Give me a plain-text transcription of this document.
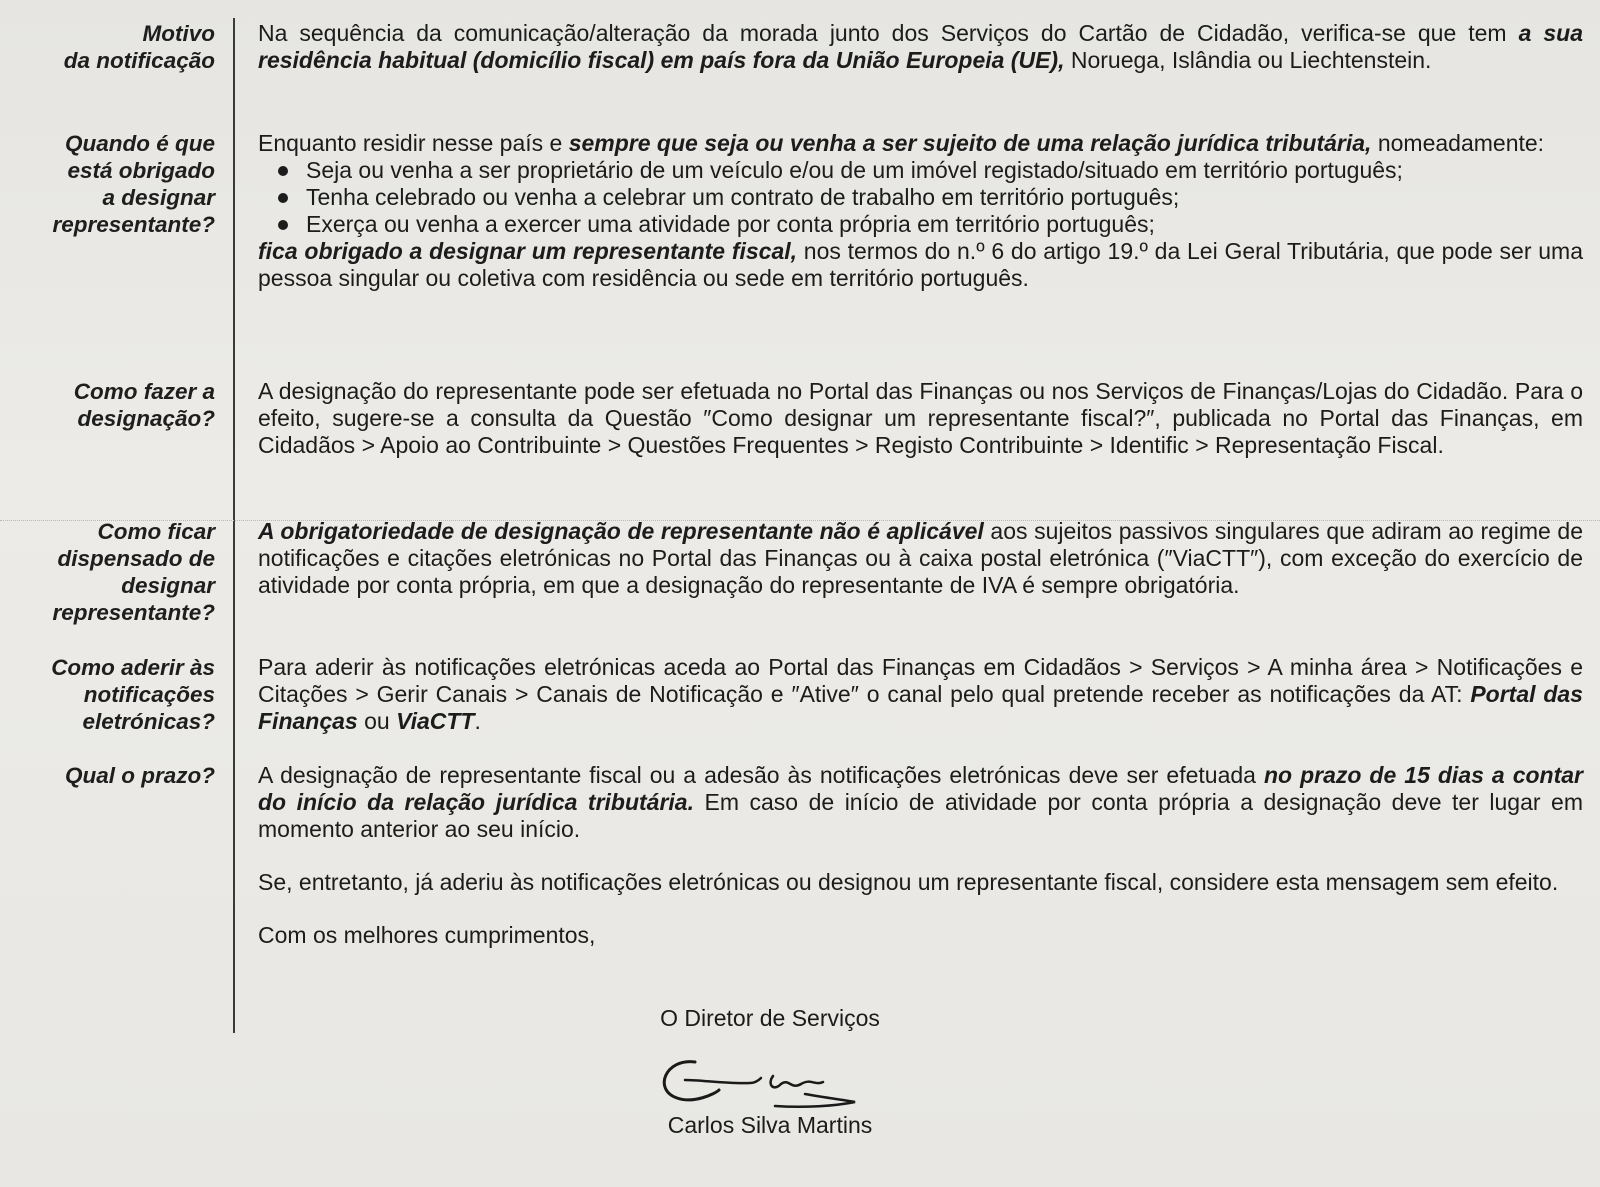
Motivo
da notificação

Na sequência da comunicação/alteração da morada junto dos Serviços do Cartão de Cidadão, verifica-se que tem a sua residência habitual (domicílio fiscal) em país fora da União Europeia (UE), Noruega, Islândia ou Liechtenstein.

Quando é que
está obrigado
a designar
representante?

Enquanto residir nesse país e sempre que seja ou venha a ser sujeito de uma relação jurídica tributária, nomeadamente:

Seja ou venha a ser proprietário de um veículo e/ou de um imóvel registado/situado em território português;
Tenha celebrado ou venha a celebrar um contrato de trabalho em território português;
Exerça ou venha a exercer uma atividade por conta própria em território português;

fica obrigado a designar um representante fiscal, nos termos do n.º 6 do artigo 19.º da Lei Geral Tributária, que pode ser uma pessoa singular ou coletiva com residência ou sede em território português.

Como fazer a
designação?

A designação do representante pode ser efetuada no Portal das Finanças ou nos Serviços de Finanças/Lojas do Cidadão. Para o efeito, sugere-se a consulta da Questão ″Como designar um representante fiscal?″, publicada no Portal das Finanças, em Cidadãos > Apoio ao Contribuinte > Questões Frequentes > Registo Contribuinte > Identific > Representação Fiscal.

Como ficar
dispensado de
designar
representante?

A obrigatoriedade de designação de representante não é aplicável aos sujeitos passivos singulares que adiram ao regime de notificações e citações eletrónicas no Portal das Finanças ou à caixa postal eletrónica (″ViaCTT″), com exceção do exercício de atividade por conta própria, em que a designação do representante de IVA é sempre obrigatória.

Como aderir às
notificações
eletrónicas?

Para aderir às notificações eletrónicas aceda ao Portal das Finanças em Cidadãos > Serviços > A minha área > Notificações e Citações > Gerir Canais > Canais de Notificação e ″Ative″ o canal pelo qual pretende receber as notificações da AT: Portal das Finanças ou ViaCTT.

Qual o prazo? A designação de representante fiscal ou a adesão às notificações eletrónicas deve ser efetuada no prazo de 15 dias a contar do início da relação jurídica tributária. Em caso de início de atividade por conta própria a designação deve ter lugar em momento anterior ao seu início.

Se, entretanto, já aderiu às notificações eletrónicas ou designou um representante fiscal, considere esta mensagem sem efeito.

Com os melhores cumprimentos,

O Diretor de Serviços
Carlos Silva Martins
